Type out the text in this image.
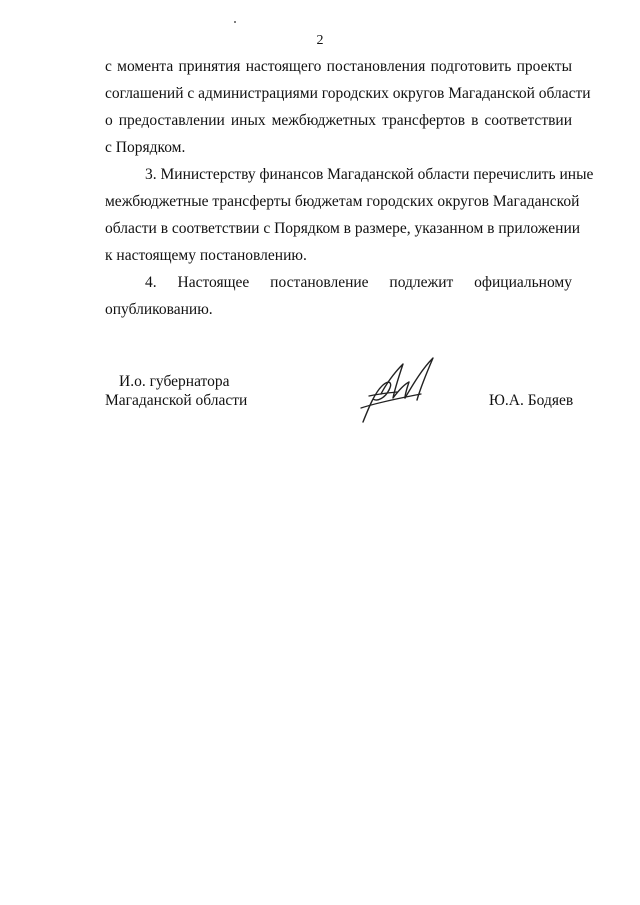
2
с момента принятия настоящего постановления подготовить проекты
соглашений с администрациями городских округов Магаданской области
о предоставлении иных межбюджетных трансфертов в соответствии
с Порядком.
3. Министерству финансов Магаданской области перечислить иные
межбюджетные трансферты бюджетам городских округов Магаданской
области в соответствии с Порядком в размере, указанном в приложении
к настоящему постановлению.
4. Настоящее постановление подлежит официальному
опубликованию.
И.о. губернатора
Магаданской области	Ю.А. Бодяев
